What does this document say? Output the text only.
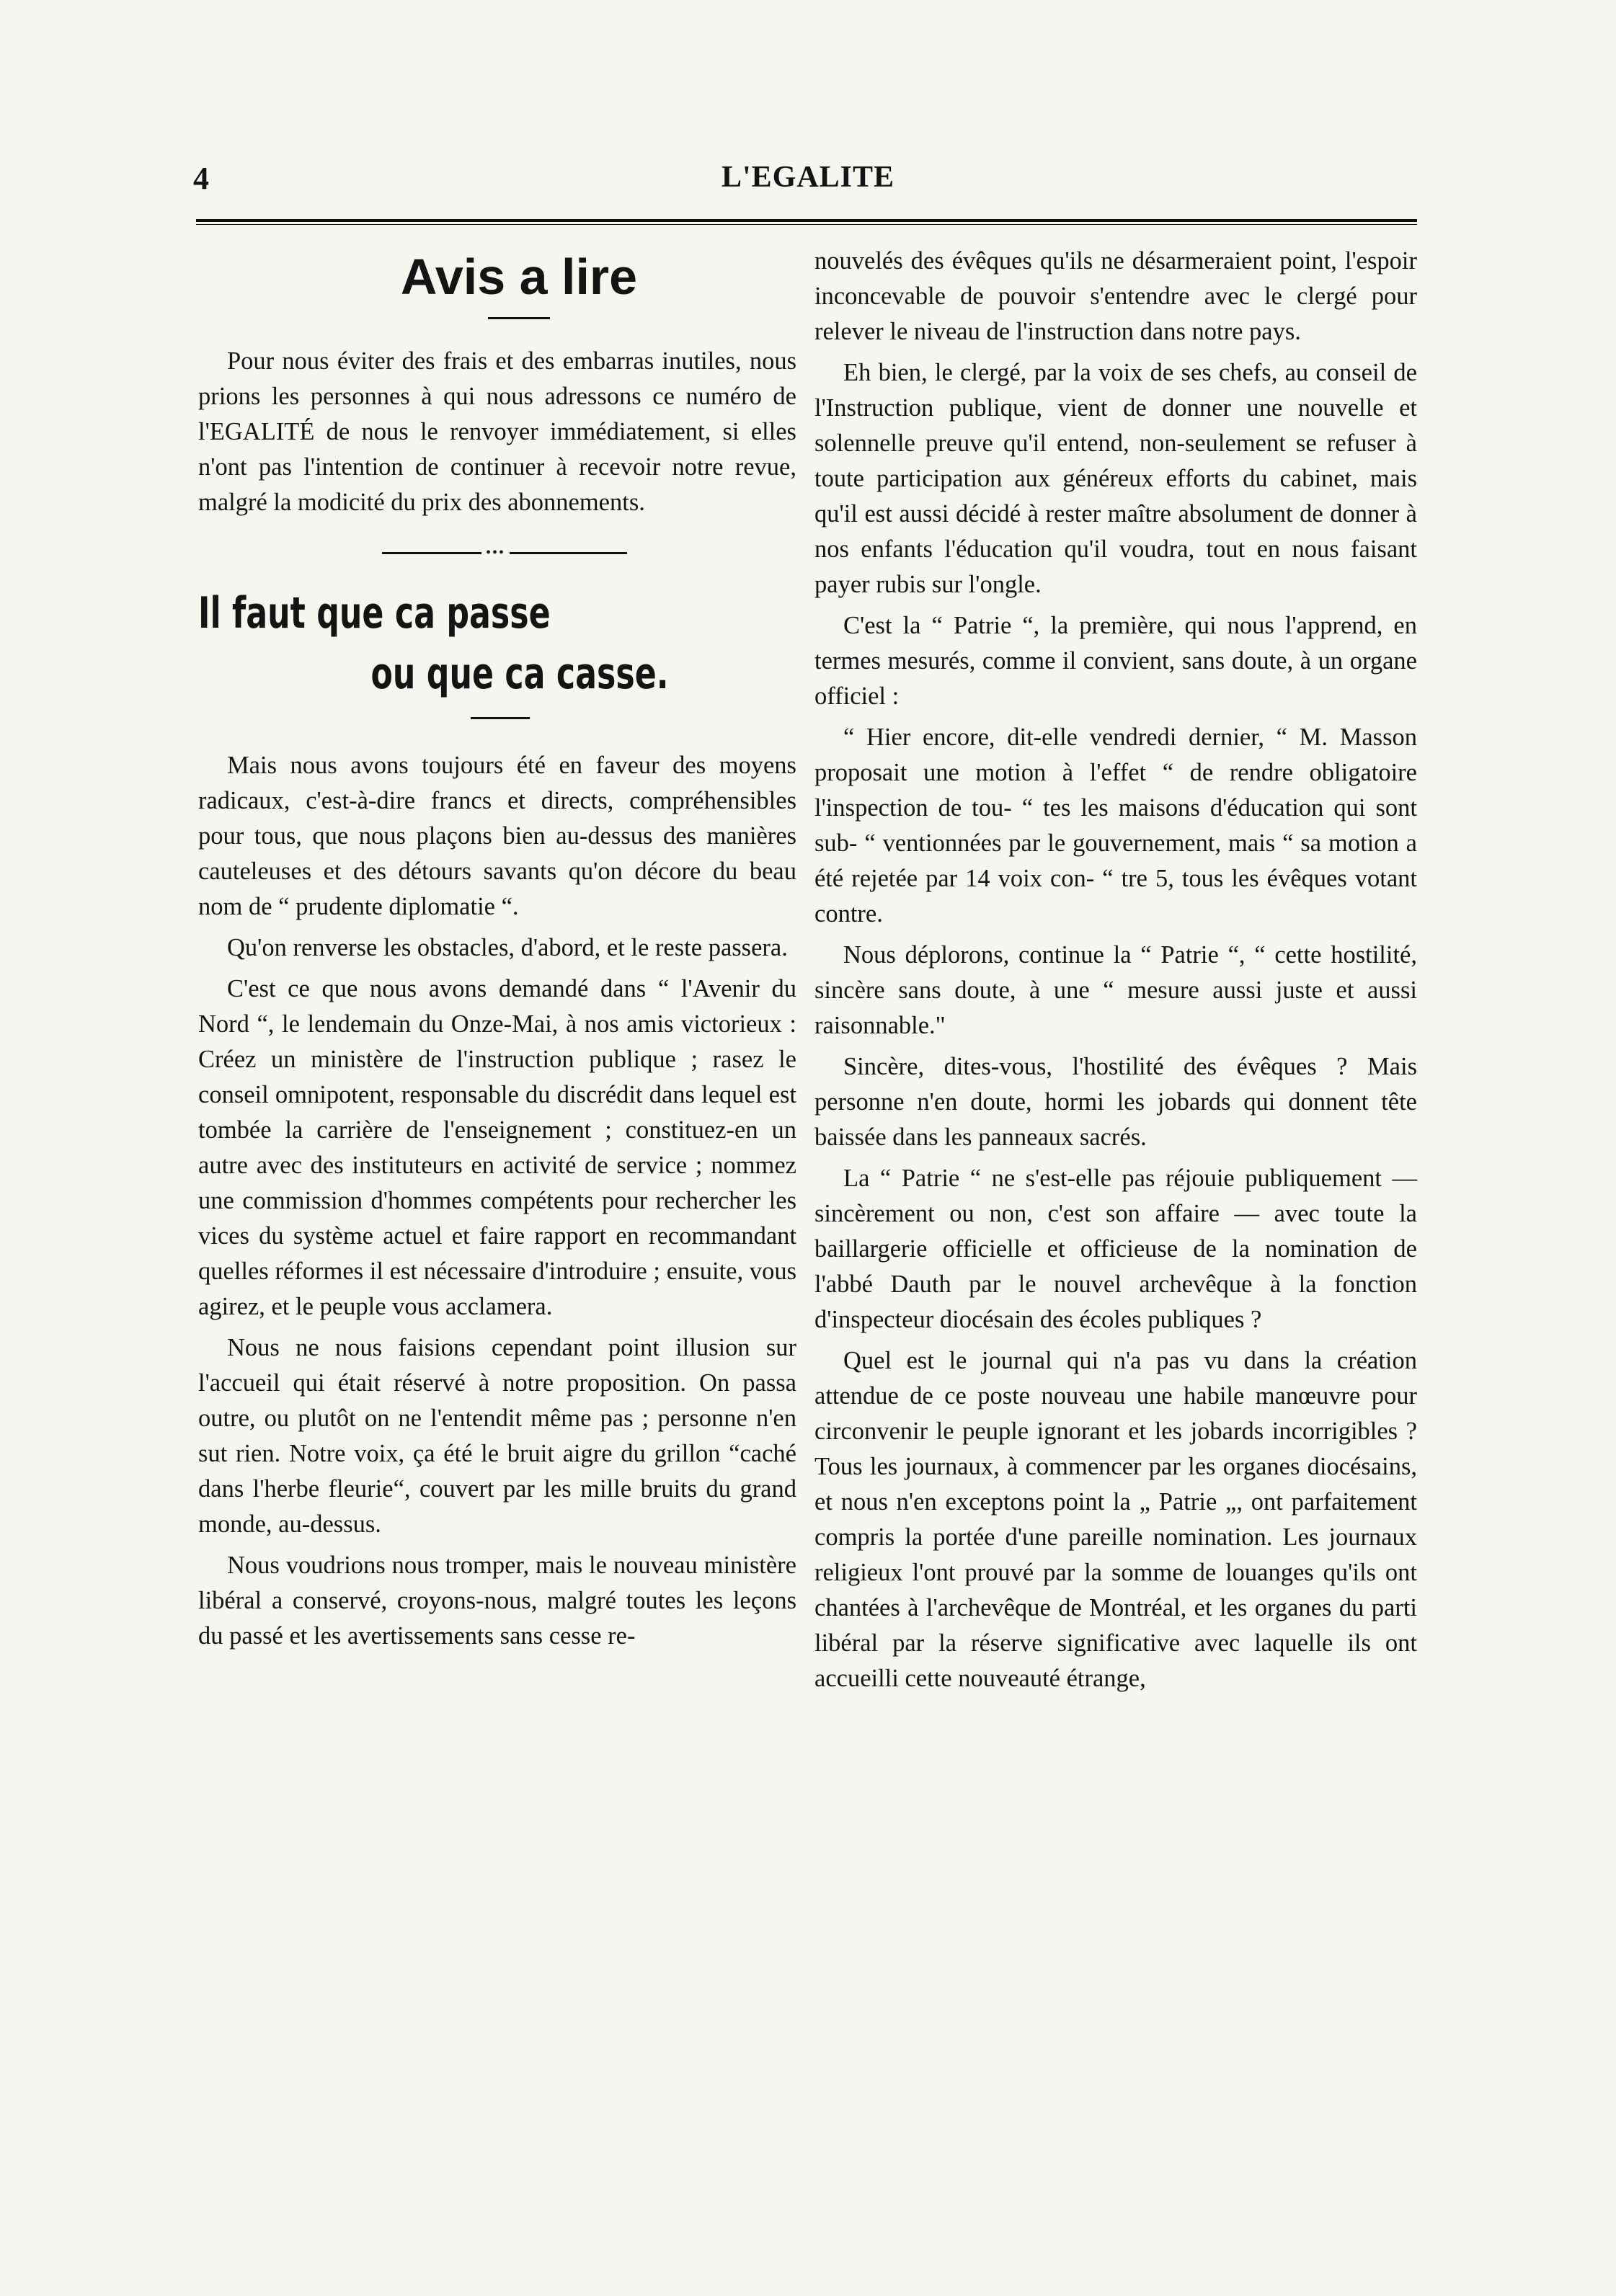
4	L'EGALITE
Avis a lire

Pour nous éviter des frais et des embarras inutiles, nous prions les personnes à qui nous adressons ce numéro de l'EGALITÉ de nous le renvoyer immédiatement, si elles n'ont pas l'intention de continuer à recevoir notre revue, malgré la modicité du prix des abonnements.

•••
Il faut que ca passe
ou que ca casse.

Mais nous avons toujours été en faveur des moyens radicaux, c'est-à-dire francs et directs, compréhensibles pour tous, que nous plaçons bien au-dessus des manières cauteleuses et des détours savants qu'on décore du beau nom de “ prudente diplomatie “.

Qu'on renverse les obstacles, d'abord, et le reste passera.

C'est ce que nous avons demandé dans “ l'Avenir du Nord “, le lendemain du Onze-Mai, à nos amis victorieux : Créez un ministère de l'instruction publique ; rasez le conseil omnipotent, responsable du discrédit dans lequel est tombée la carrière de l'enseignement ; constituez-en un autre avec des instituteurs en activité de service ; nommez une commission d'hommes compétents pour rechercher les vices du système actuel et faire rapport en recommandant quelles réformes il est nécessaire d'introduire ; ensuite, vous agirez, et le peuple vous acclamera.

Nous ne nous faisions cependant point illusion sur l'accueil qui était réservé à notre proposition. On passa outre, ou plutôt on ne l'entendit même pas ; personne n'en sut rien. Notre voix, ça été le bruit aigre du grillon “caché dans l'herbe fleurie“, couvert par les mille bruits du grand monde, au-dessus.

Nous voudrions nous tromper, mais le nouveau ministère libéral a conservé, croyons-nous, malgré toutes les leçons du passé et les avertissements sans cesse re-

nouvelés des évêques qu'ils ne désarmeraient point, l'espoir inconcevable de pouvoir s'entendre avec le clergé pour relever le niveau de l'instruction dans notre pays.

Eh bien, le clergé, par la voix de ses chefs, au conseil de l'Instruction publique, vient de donner une nouvelle et solennelle preuve qu'il entend, non-seulement se refuser à toute participation aux généreux efforts du cabinet, mais qu'il est aussi décidé à rester maître absolument de donner à nos enfants l'éducation qu'il voudra, tout en nous faisant payer rubis sur l'ongle.

C'est la “ Patrie “, la première, qui nous l'apprend, en termes mesurés, comme il convient, sans doute, à un organe officiel :

“ Hier encore, dit-elle vendredi dernier, “ M. Masson proposait une motion à l'effet “ de rendre obligatoire l'inspection de tou- “ tes les maisons d'éducation qui sont sub- “ ventionnées par le gouvernement, mais “ sa motion a été rejetée par 14 voix con- “ tre 5, tous les évêques votant contre.

Nous déplorons, continue la “ Patrie “, “ cette hostilité, sincère sans doute, à une “ mesure aussi juste et aussi raisonnable."

Sincère, dites-vous, l'hostilité des évêques ? Mais personne n'en doute, hormi les jobards qui donnent tête baissée dans les panneaux sacrés.

La “ Patrie “ ne s'est-elle pas réjouie publiquement — sincèrement ou non, c'est son affaire — avec toute la baillargerie officielle et officieuse de la nomination de l'abbé Dauth par le nouvel archevêque à la fonction d'inspecteur diocésain des écoles publiques ?

Quel est le journal qui n'a pas vu dans la création attendue de ce poste nouveau une habile manœuvre pour circonvenir le peuple ignorant et les jobards incorrigibles ? Tous les journaux, à commencer par les organes diocésains, et nous n'en exceptons point la „ Patrie „, ont parfaitement compris la portée d'une pareille nomination. Les journaux religieux l'ont prouvé par la somme de louanges qu'ils ont chantées à l'archevêque de Montréal, et les organes du parti libéral par la réserve significative avec laquelle ils ont accueilli cette nouveauté étrange,
